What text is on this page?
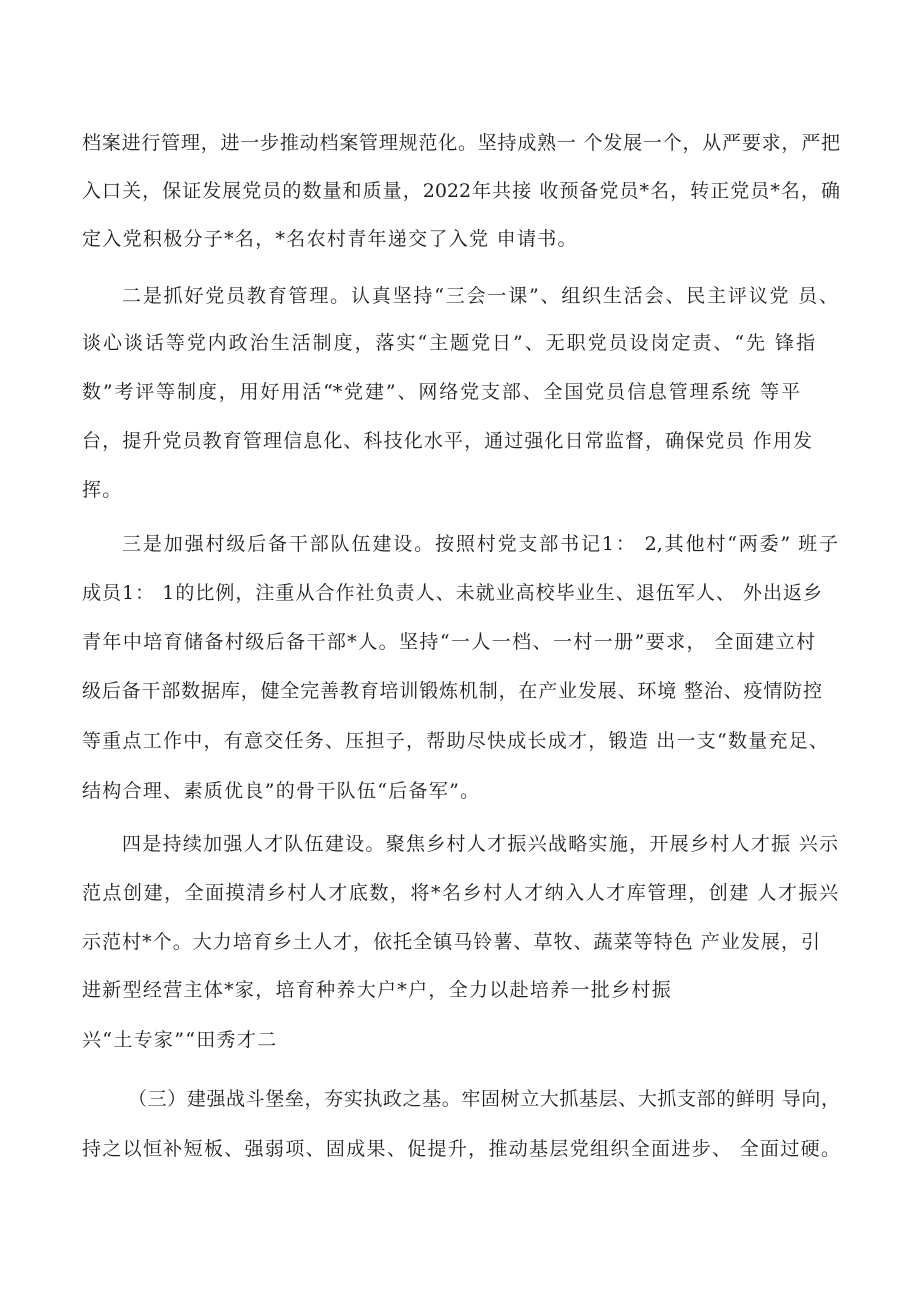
档案进行管理，进一步推动档案管理规范化。坚持成熟一 个发展一个，从严要求，严把
入口关，保证发展党员的数量和质量，2022年共接 收预备党员*名，转正党员*名，确
定入党积极分子*名，*名农村青年递交了入党 申请书。
二是抓好党员教育管理。认真坚持“三会一课”、组织生活会、民主评议党 员、
谈心谈话等党内政治生活制度，落实“主题党日”、无职党员设岗定责、“先 锋指
数”考评等制度，用好用活“*党建”、网络党支部、全国党员信息管理系统 等平
台，提升党员教育管理信息化、科技化水平，通过强化日常监督，确保党员 作用发
挥。
三是加强村级后备干部队伍建设。按照村党支部书记1： 2,其他村“两委” 班子
成员1： 1的比例，注重从合作社负责人、未就业高校毕业生、退伍军人、 外出返乡
青年中培育储备村级后备干部*人。坚持“一人一档、一村一册”要求， 全面建立村
级后备干部数据库，健全完善教育培训锻炼机制，在产业发展、环境 整治、疫情防控
等重点工作中，有意交任务、压担子，帮助尽快成长成才，锻造 出一支“数量充足、
结构合理、素质优良”的骨干队伍“后备军”。
四是持续加强人才队伍建设。聚焦乡村人才振兴战略实施，开展乡村人才振 兴示
范点创建，全面摸清乡村人才底数，将*名乡村人才纳入人才库管理，创建 人才振兴
示范村*个。大力培育乡土人才，依托全镇马铃薯、草牧、蔬菜等特色 产业发展，引
进新型经营主体*家，培育种养大户*户，全力以赴培养一批乡村振
兴“土专家”“田秀才二
（三）建强战斗堡垒，夯实执政之基。牢固树立大抓基层、大抓支部的鲜明 导向，
持之以恒补短板、强弱项、固成果、促提升，推动基层党组织全面进步、 全面过硬。
